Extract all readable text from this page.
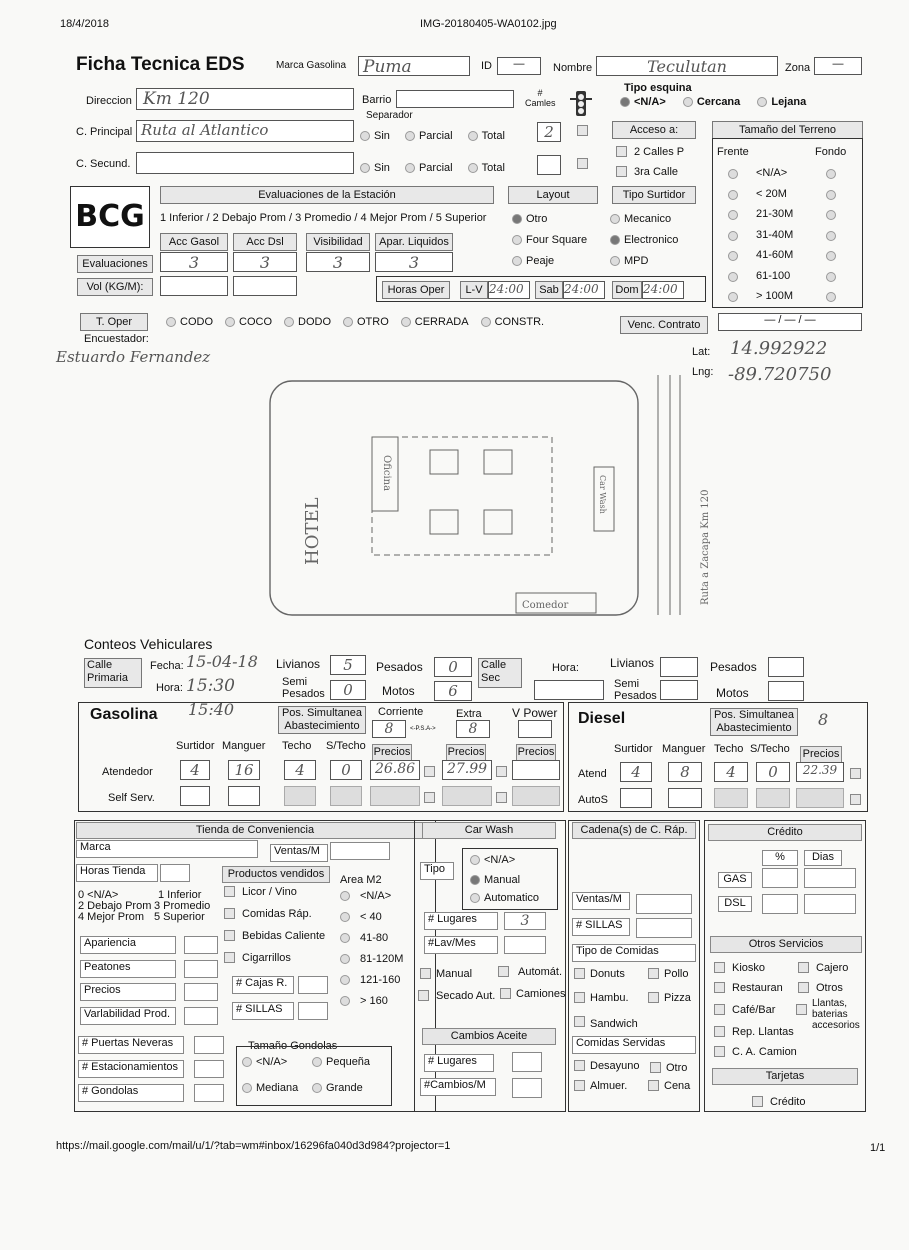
18/4/2018	IMG-20180405-WA0102.jpg
https://mail.google.com/mail/u/1/?tab=wm#inbox/16296fa040d3d984?projector=1	1/1
Ficha Tecnica EDS	Marca Gasolina Puma	ID	—	Nombre	Teculutan	Zona	—
Tipo esquina
<N/A>	Cercana	Lejana
Direccion Km 120	Barrio
# Camles
C. Principal Ruta al Atlantico
Separador
Sin	Parcial	Total	2
C. Secund.	Sin	Parcial	Total
Acceso a:
2 Calles P
3ra Calle
Tamaño del Terreno
Frente	Fondo
<N/A>
< 20M
21-30M
31-40M
41-60M
61-100
> 100M
BCG
Evaluaciones de la Estación
1 Inferior / 2 Debajo Prom / 3 Promedio / 4 Mejor Prom / 5 Superior
Acc Gasol	Acc Dsl	Visibilidad	Apar. Liquidos
Evaluaciones	3	3	3	3
Vol (KG/M):
Layout
Otro
Four Square
Peaje
Tipo Surtidor
Mecanico
Electronico
MPD
Horas Oper	L-V 24:00	Sab 24:00	Dom 24:00
T. Oper	CODO COCO DODO OTRO CERRADA CONSTR.	Venc. Contrato	— / — / —
Encuestador:
Estuardo Fernandez	Lat: 14.992922
Lng: -89.720750
Oficina
HOTEL
Car Wash
Comedor
Ruta a Zacapa Km 120
Conteos Vehiculares
Calle Primaria
Fecha: 15-04-18
Hora: 15:30
Livianos	5	Pesados	0
Semi Pesados	0	Motos	6
Calle Sec
Hora:	Livianos	Pesados
Semi Pesados	Motos
Gasolina 15:40	Pos. Simultanea Abastecimiento
Corriente
8	<-P.S.A->
Extra
8
V Power
Surtidor Manguer Techo S/Techo Precios	Precios	Precios
Atendedor	4	16	4	0	26.86	27.99
Self Serv.
Diesel	Pos. Simultanea Abastecimiento	8
Surtidor Manguer Techo S/Techo Precios
Atend	4	8	4	0	22.39
AutoS
Tienda de Conveniencia
Marca	Ventas/M
Horas Tienda	Productos vendidos	Area M2
0 <N/A>	1 Inferior
2 Debajo Prom 3 Promedio
4 Mejor Prom 5 Superior
Licor / Vino
Comidas Ráp.
Bebidas Caliente
Cigarrillos
<N/A>
< 40
41-80
81-120M
121-160
> 160
Apariencia
Peatones
Precios
Varlabilidad Prod.
# Cajas R.
# SILLAS
# Puertas Neveras
# Estacionamientos
# Gondolas
Tamaño Gondolas
<N/A>	Pequeña
Mediana	Grande
Car Wash
Tipo
<N/A>
Manual
Automatico
# Lugares	3
#Lav/Mes
Manual	Automát.
Secado Aut. Camiones
Cambios Aceite
# Lugares
#Cambios/M
Cadena(s) de C. Ráp.
Ventas/M
# SILLAS
Tipo de Comidas
Donuts	Pollo
Hambu.	Pizza
Sandwich
Comidas Servidas
Desayuno Otro
Almuer.	Cena
Crédito
%	Dias
GAS
DSL
Otros Servicios
Kiosko	Cajero
Restauran	Otros
Café/Bar
Llantas, baterias accesorios
Rep. Llantas
C. A. Camion
Tarjetas
Crédito
